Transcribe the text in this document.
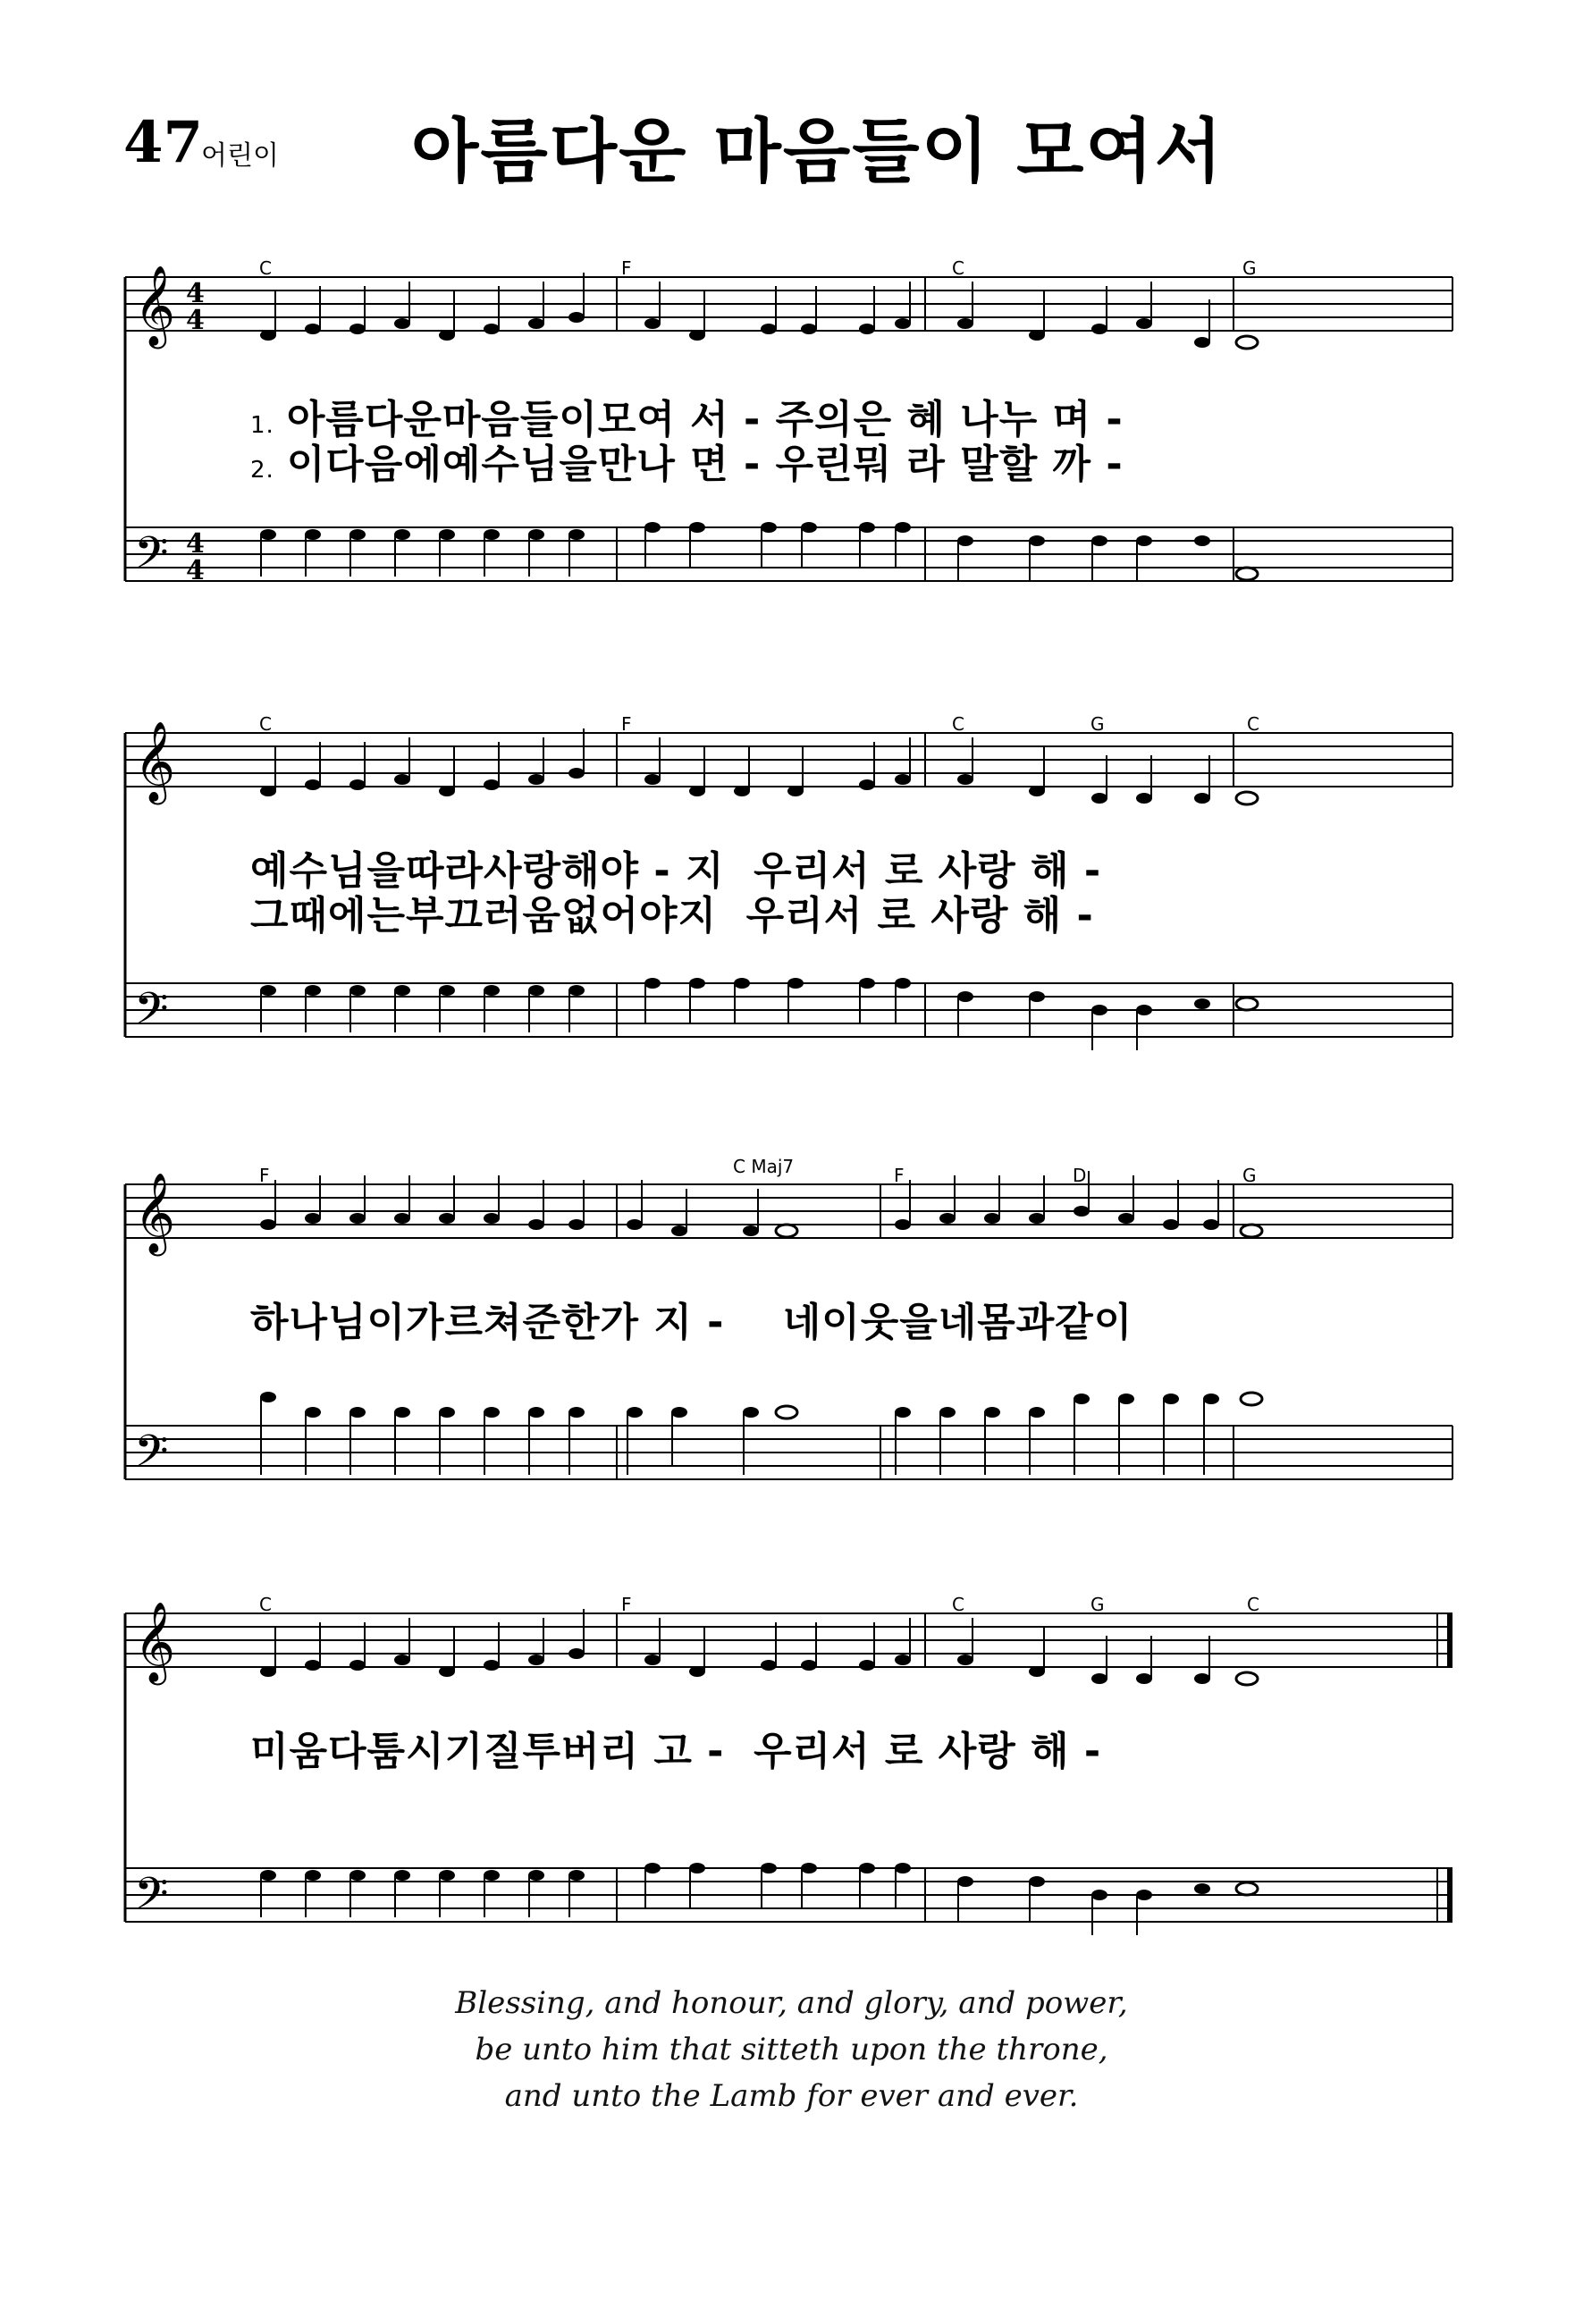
47
어린이 아름다운 마음들이 모여서
𝄞
𝄢
4
4
4
4
C	F	C	G
1. 아름다운마음들이모여 서 ‐ 주의은 혜 나누 며 ‐
2. 이다음에예수님을만나 면 ‐ 우린뭐 라 말할 까 ‐
𝄞
𝄢
C	F	C	G	C
예수님을따라사랑해야 ‐ 지  우리서 로 사랑 해 ‐
그때에는부끄러움없어야지  우리서 로 사랑 해 ‐
𝄞
𝄢
F	C Maj7	F	D	G
하나님이가르쳐준한가 지 ‐    네이웃을네몸과같이
𝄞
𝄢
C	F	C	G	C
미움다툼시기질투버리 고 ‐  우리서 로 사랑 해 ‐
Blessing, and honour, and glory, and power,
be unto him that sitteth upon the throne,
and unto the Lamb for ever and ever.
